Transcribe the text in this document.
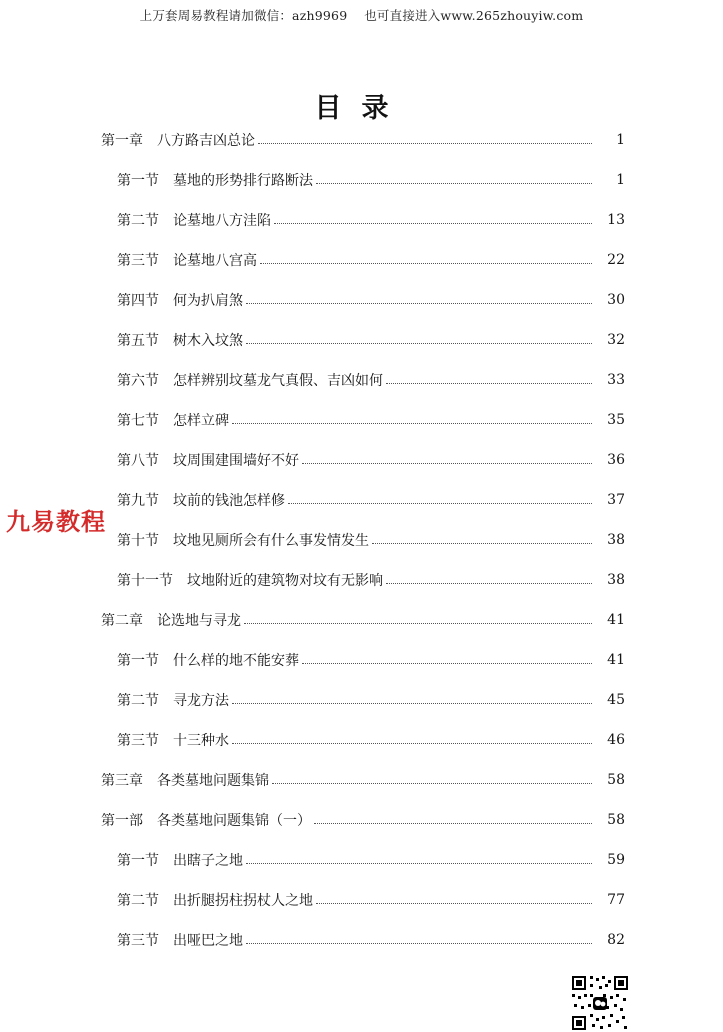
上万套周易教程请加微信：azh9969　 也可直接进入www.265zhouyiw.com
目录
第一章　八方路吉凶总论	1
第一节　墓地的形势排行路断法	1
第二节　论墓地八方洼陷	13
第三节　论墓地八宫高	22
第四节　何为扒肩煞	30
第五节　树木入坟煞	32
第六节　怎样辨别坟墓龙气真假、吉凶如何	33
第七节　怎样立碑	35
第八节　坟周围建围墙好不好	36
第九节　坟前的钱池怎样修	37
第十节　坟地见厕所会有什么事发情发生	38
第十一节　坟地附近的建筑物对坟有无影响	38
第二章　论选地与寻龙	41
第一节　什么样的地不能安葬	41
第二节　寻龙方法	45
第三节　十三种水	46
第三章　各类墓地问题集锦	58
第一部　各类墓地问题集锦（一）	58
第一节　出瞎子之地	59
第二节　出折腿拐柱拐杖人之地	77
第三节　出哑巴之地	82
九易教程
